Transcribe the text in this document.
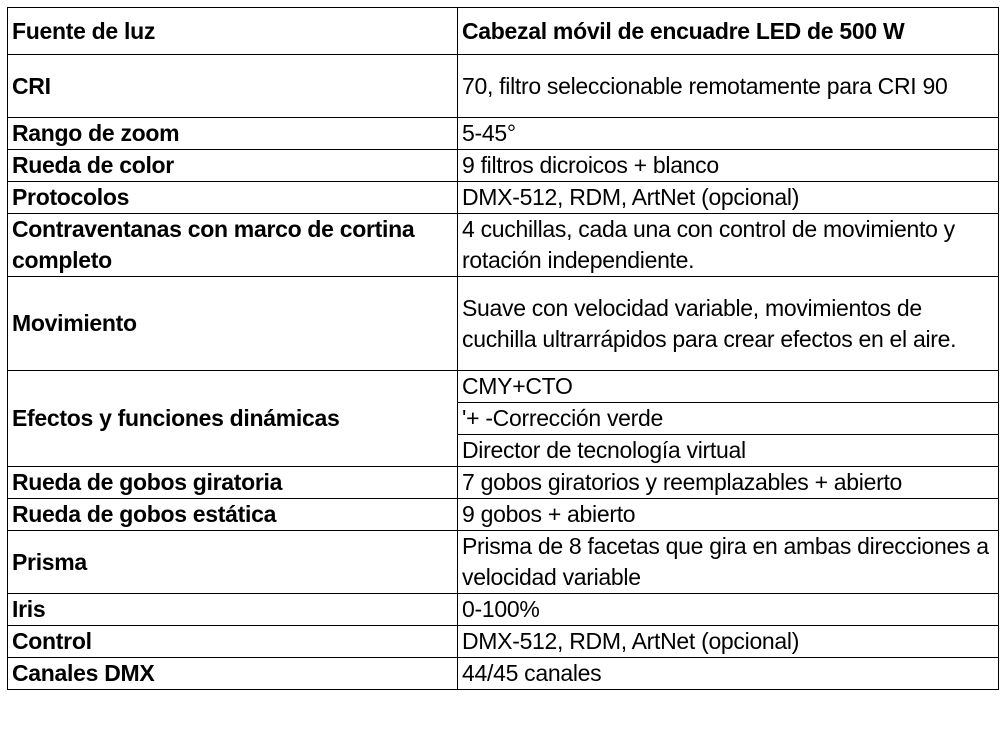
Fuente de luz	Cabezal móvil de encuadre LED de 500 W
CRI	70, filtro seleccionable remotamente para CRI 90
Rango de zoom	5-45°
Rueda de color	9 filtros dicroicos + blanco
Protocolos	DMX-512, RDM, ArtNet (opcional)
Contraventanas con marco de cortina completo	4 cuchillas, cada una con control de movimiento y rotación independiente.
Movimiento	Suave con velocidad variable, movimientos de cuchilla ultrarrápidos para crear efectos en el aire.
Efectos y funciones dinámicas	CMY+CTO
	'+ -Corrección verde
	Director de tecnología virtual
Rueda de gobos giratoria	7 gobos giratorios y reemplazables + abierto
Rueda de gobos estática	9 gobos + abierto
Prisma	Prisma de 8 facetas que gira en ambas direcciones a velocidad variable
Iris	0-100%
Control	DMX-512, RDM, ArtNet (opcional)
Canales DMX	44/45 canales
